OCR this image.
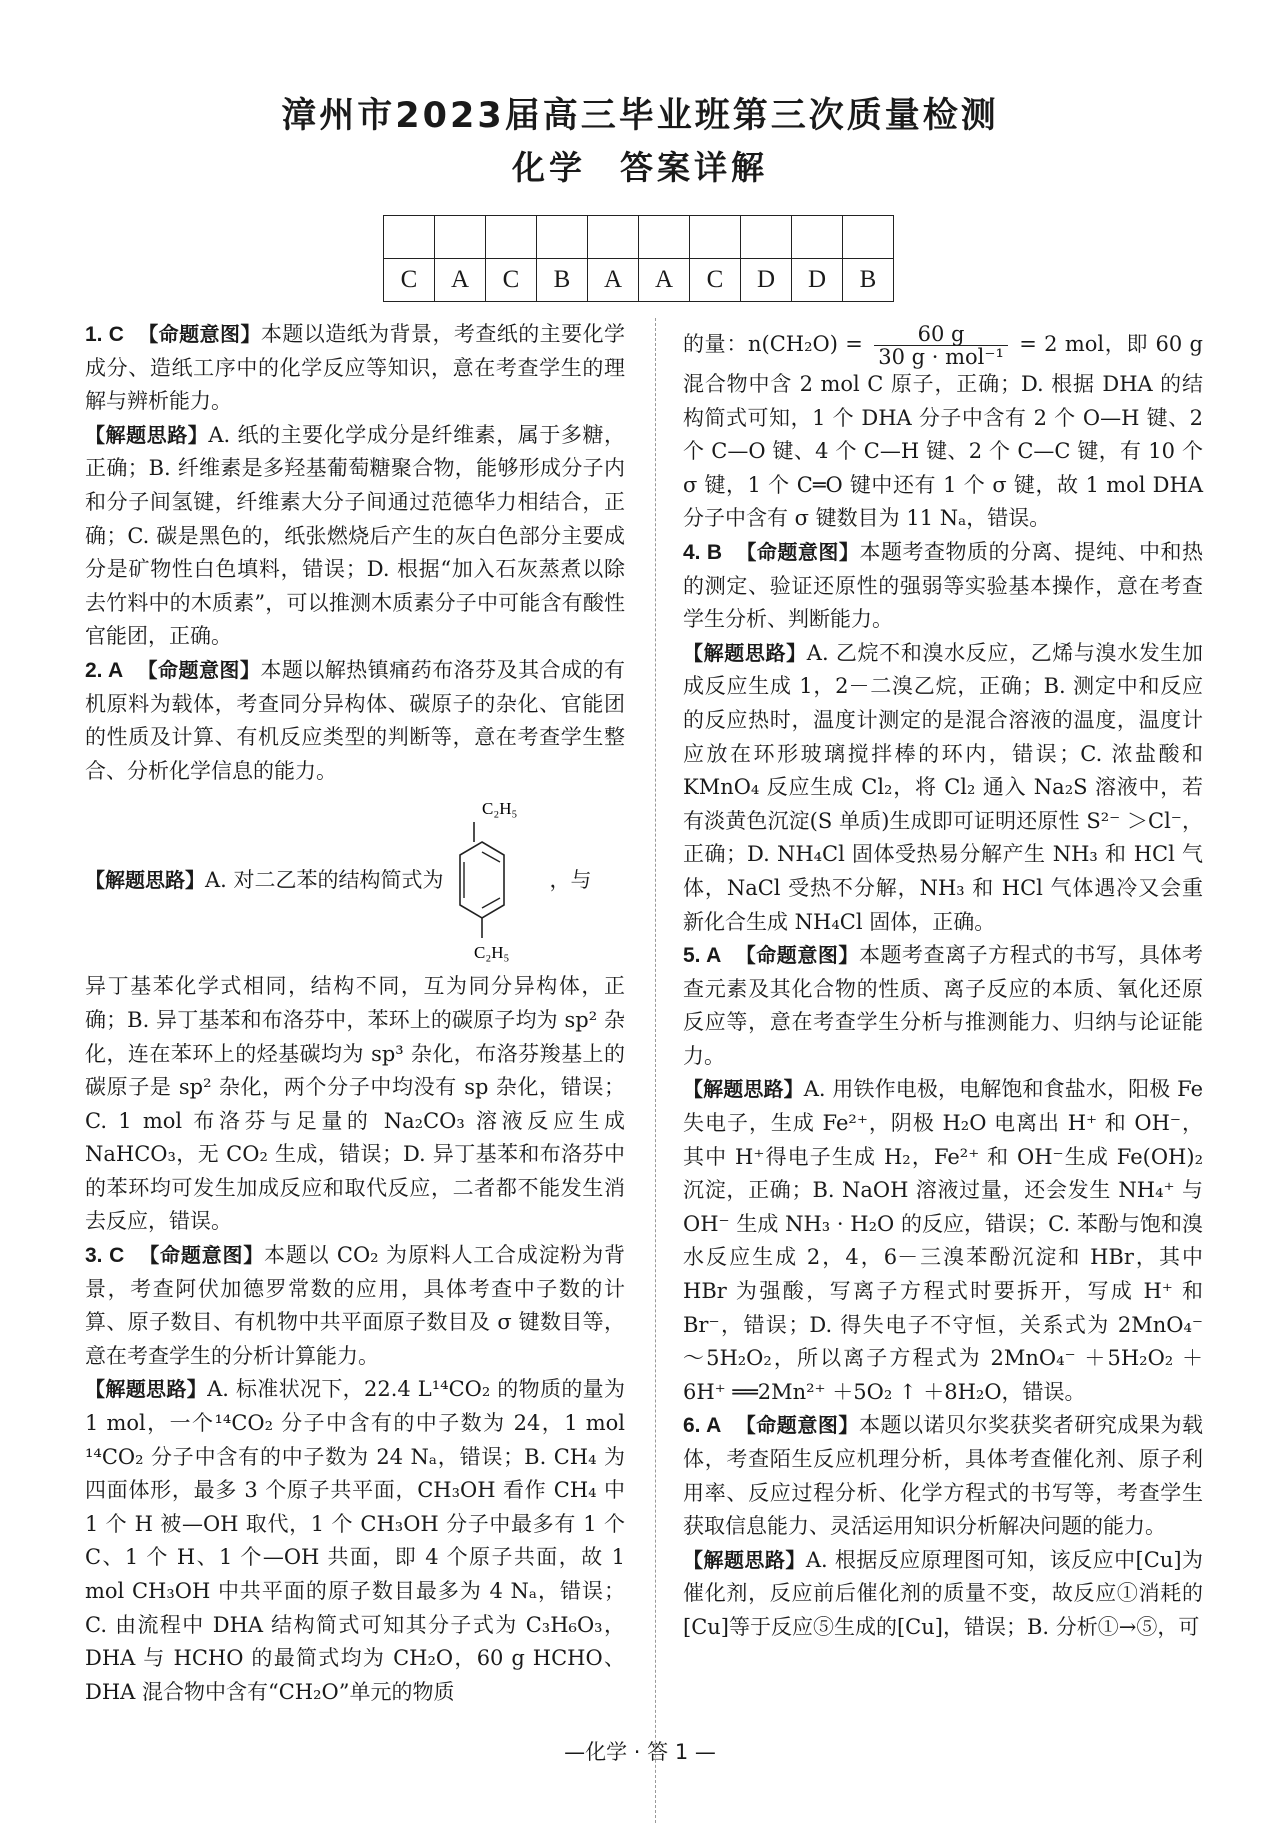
漳州市2023届高三毕业班第三次质量检测
化学 答案详解

C	A	C	B	A	A	C	D	D	B

1. C 【命题意图】本题以造纸为背景，考查纸的主要化学成分、造纸工序中的化学反应等知识，意在考查学生的理解与辨析能力。

【解题思路】A. 纸的主要化学成分是纤维素，属于多糖，正确；B. 纤维素是多羟基葡萄糖聚合物，能够形成分子内和分子间氢键，纤维素大分子间通过范德华力相结合，正确；C. 碳是黑色的，纸张燃烧后产生的灰白色部分主要成分是矿物性白色填料，错误；D. 根据“加入石灰蒸煮以除去竹料中的木质素”，可以推测木质素分子中可能含有酸性官能团，正确。

2. A 【命题意图】本题以解热镇痛药布洛芬及其合成的有机原料为载体，考查同分异构体、碳原子的杂化、官能团的性质及计算、有机反应类型的判断等，意在考查学生整合、分析化学信息的能力。

【解题思路】 A. 对二乙苯的结构简式为
C₂H₅
C₂H₅
，与

异丁基苯化学式相同，结构不同，互为同分异构体，正确；B. 异丁基苯和布洛芬中，苯环上的碳原子均为 sp² 杂化，连在苯环上的烃基碳均为 sp³ 杂化，布洛芬羧基上的碳原子是 sp² 杂化，两个分子中均没有 sp 杂化，错误；C. 1 mol 布洛芬与足量的 Na₂CO₃ 溶液反应生成 NaHCO₃，无 CO₂ 生成，错误；D. 异丁基苯和布洛芬中的苯环均可发生加成反应和取代反应，二者都不能发生消去反应，错误。

3. C 【命题意图】本题以 CO₂ 为原料人工合成淀粉为背景，考查阿伏加德罗常数的应用，具体考查中子数的计算、原子数目、有机物中共平面原子数目及 σ 键数目等，意在考查学生的分析计算能力。

【解题思路】A. 标准状况下，22.4 L¹⁴CO₂ 的物质的量为 1 mol，一个¹⁴CO₂ 分子中含有的中子数为 24，1 mol ¹⁴CO₂ 分子中含有的中子数为 24 Nₐ，错误；B. CH₄ 为四面体形，最多 3 个原子共平面，CH₃OH 看作 CH₄ 中 1 个 H 被—OH 取代，1 个 CH₃OH 分子中最多有 1 个 C、1 个 H、1 个—OH 共面，即 4 个原子共面，故 1 mol CH₃OH 中共平面的原子数目最多为 4 Nₐ，错误；C. 由流程中 DHA 结构简式可知其分子式为 C₃H₆O₃，DHA 与 HCHO 的最简式均为 CH₂O，60 g HCHO、DHA 混合物中含有“CH₂O”单元的物质

的量：n(CH₂O) =	60 g
30 g · mol⁻¹
= 2 mol，即 60 g 混合物中含 2 mol C 原子，正确；D. 根据 DHA 的结构简式可知，1 个 DHA 分子中含有 2 个 O—H 键、2 个 C—O 键、4 个 C—H 键、2 个 C—C 键，有 10 个 σ 键，1 个 C═O 键中还有 1 个 σ 键，故 1 mol DHA 分子中含有 σ 键数目为 11 Nₐ，错误。

4. B 【命题意图】本题考查物质的分离、提纯、中和热的测定、验证还原性的强弱等实验基本操作，意在考查学生分析、判断能力。

【解题思路】A. 乙烷不和溴水反应，乙烯与溴水发生加成反应生成 1，2－二溴乙烷，正确；B. 测定中和反应的反应热时，温度计测定的是混合溶液的温度，温度计应放在环形玻璃搅拌棒的环内，错误；C. 浓盐酸和 KMnO₄ 反应生成 Cl₂，将 Cl₂ 通入 Na₂S 溶液中，若有淡黄色沉淀(S 单质)生成即可证明还原性 S²⁻ ＞Cl⁻，正确；D. NH₄Cl 固体受热易分解产生 NH₃ 和 HCl 气体，NaCl 受热不分解，NH₃ 和 HCl 气体遇冷又会重新化合生成 NH₄Cl 固体，正确。

5. A 【命题意图】本题考查离子方程式的书写，具体考查元素及其化合物的性质、离子反应的本质、氧化还原反应等，意在考查学生分析与推测能力、归纳与论证能力。

【解题思路】A. 用铁作电极，电解饱和食盐水，阳极 Fe 失电子，生成 Fe²⁺，阴极 H₂O 电离出 H⁺ 和 OH⁻，其中 H⁺得电子生成 H₂，Fe²⁺ 和 OH⁻生成 Fe(OH)₂ 沉淀，正确；B. NaOH 溶液过量，还会发生 NH₄⁺ 与 OH⁻ 生成 NH₃ · H₂O 的反应，错误；C. 苯酚与饱和溴水反应生成 2，4，6－三溴苯酚沉淀和 HBr，其中 HBr 为强酸，写离子方程式时要拆开，写成 H⁺ 和 Br⁻，错误；D. 得失电子不守恒，关系式为 2MnO₄⁻ ～5H₂O₂，所以离子方程式为 2MnO₄⁻ ＋5H₂O₂ ＋6H⁺ ══2Mn²⁺ ＋5O₂ ↑ ＋8H₂O，错误。

6. A 【命题意图】本题以诺贝尔奖获奖者研究成果为载体，考查陌生反应机理分析，具体考查催化剂、原子利用率、反应过程分析、化学方程式的书写等，考查学生获取信息能力、灵活运用知识分析解决问题的能力。

【解题思路】A. 根据反应原理图可知，该反应中[Cu]为催化剂，反应前后催化剂的质量不变，故反应①消耗的[Cu]等于反应⑤生成的[Cu]，错误；B. 分析①→⑤，可

—化学 · 答 1 —
